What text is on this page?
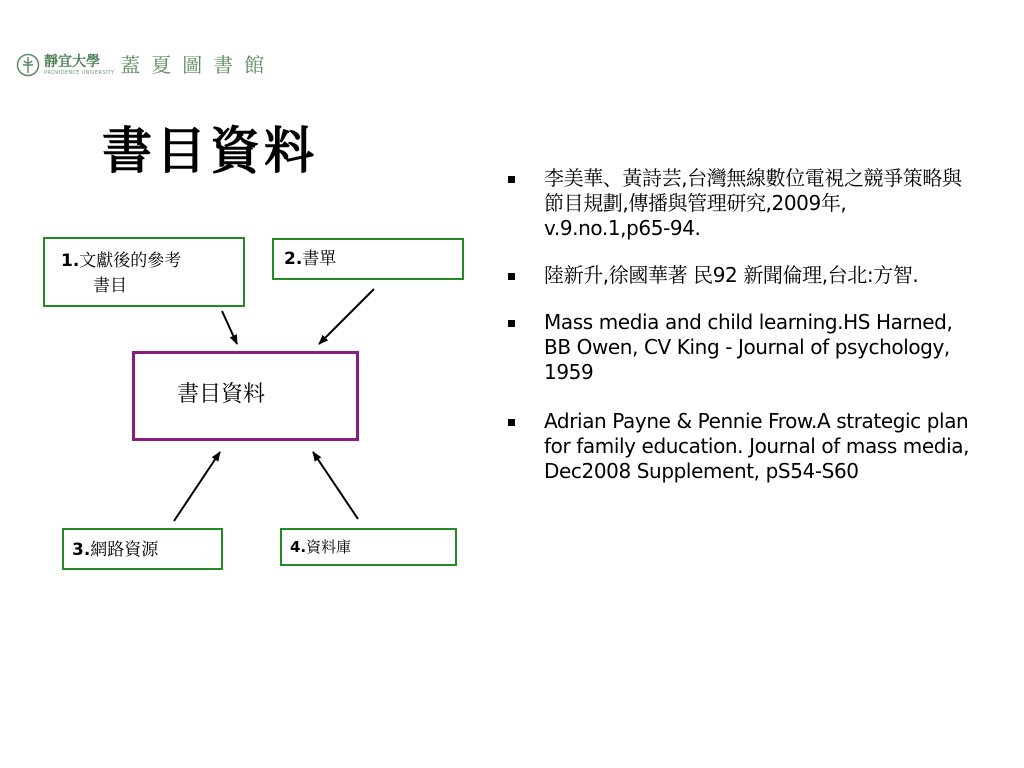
靜宜大學
PROVIDENCE UNIVERSITY 蓋夏圖書館
書目資料
1.文獻後的參考
書目
2.書單
書目資料
3.網路資源	4.資料庫
李美華、黃詩芸,台灣無線數位電視之競爭策略與節目規劃,傳播與管理研究,2009年, v.9.no.1,p65-94.
陸新升,徐國華著 民92 新聞倫理,台北:方智.
Mass media and child learning.HS Harned, BB Owen, CV King - Journal of psychology, 1959
Adrian Payne & Pennie Frow.A strategic plan for family education. Journal of mass media, Dec2008 Supplement, pS54-S60
